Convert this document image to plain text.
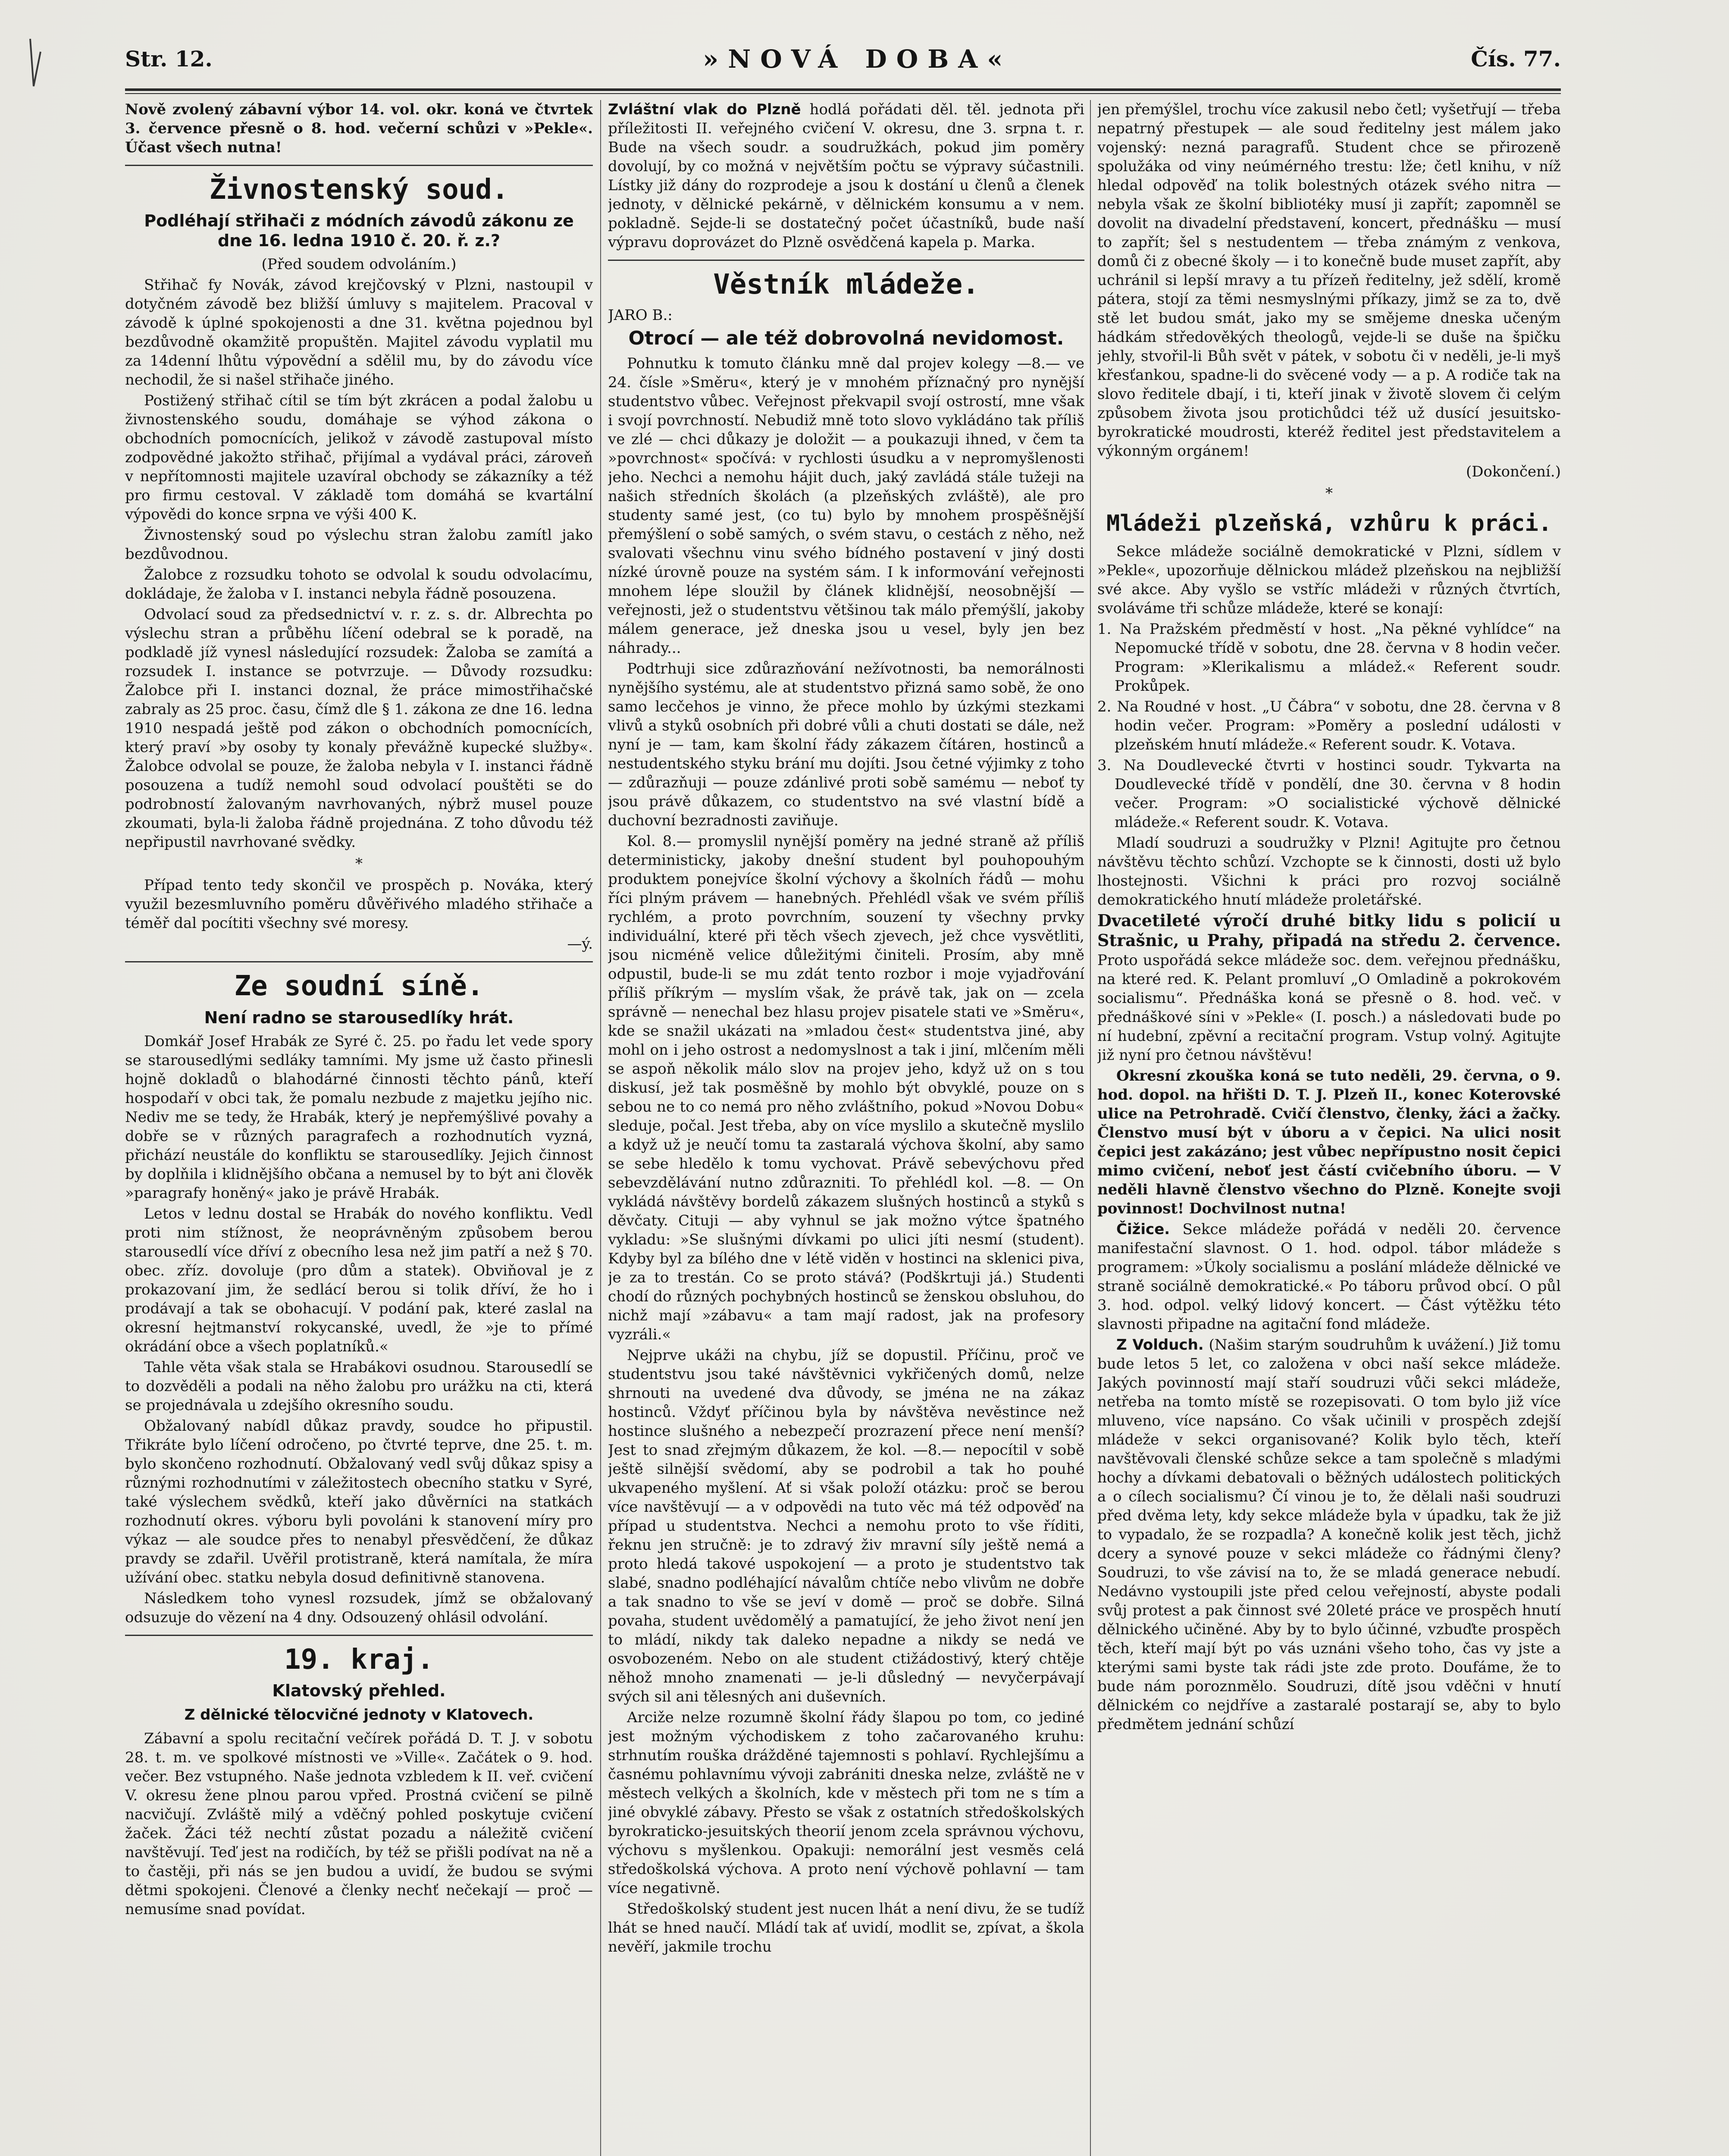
Str. 12.	»NOVÁ DOBA«	Čís. 77.

Nově zvolený zábavní výbor 14. vol. okr. koná ve čtvrtek 3. července přesně o 8. hod. večerní schůzi v »Pekle«. Účast všech nutna!

Živnostenský soud.
Podléhají střihači z módních závodů zákonu ze dne 16. ledna 1910 č. 20. ř. z.?

(Před soudem odvoláním.)

Střihač fy Novák, závod krejčovský v Plzni, nastoupil v dotyčném závodě bez bližší úmluvy s majitelem. Pracoval v závodě k úplné spokojenosti a dne 31. května pojednou byl bezdůvodně okamžitě propuštěn. Majitel závodu vyplatil mu za 14denní lhůtu výpovědní a sdělil mu, by do závodu více nechodil, že si našel střihače jiného.

Postižený střihač cítil se tím být zkrácen a podal žalobu u živnostenského soudu, domáhaje se výhod zákona o obchodních pomocnících, jelikož v závodě zastupoval místo zodpovědné jakožto střihač, přijímal a vydával práci, zároveň v nepřítomnosti majitele uzavíral obchody se zákazníky a též pro firmu cestoval. V základě tom domáhá se kvartální výpovědi do konce srpna ve výši 400 K.

Živnostenský soud po výslechu stran žalobu zamítl jako bezdůvodnou.

Žalobce z rozsudku tohoto se odvolal k soudu odvolacímu, dokládaje, že žaloba v I. instanci nebyla řádně posouzena.

Odvolací soud za předsednictví v. r. z. s. dr. Albrechta po výslechu stran a průběhu líčení odebral se k poradě, na podkladě jíž vynesl následující rozsudek: Žaloba se zamítá a rozsudek I. instance se potvrzuje. — Důvody rozsudku: Žalobce při I. instanci doznal, že práce mimostřihačské zabraly as 25 proc. času, čímž dle § 1. zákona ze dne 16. ledna 1910 nespadá ještě pod zákon o obchodních pomocnících, který praví »by osoby ty konaly převážně kupecké služby«. Žalobce odvolal se pouze, že žaloba nebyla v I. instanci řádně posouzena a tudíž nemohl soud odvolací pouštěti se do podrobností žalovaným navrhovaných, nýbrž musel pouze zkoumati, byla-li žaloba řádně projednána. Z toho důvodu též nepřipustil navrhované svědky.

*

Případ tento tedy skončil ve prospěch p. Nováka, který využil bezesmluvního poměru důvěřivého mladého střihače a téměř dal pocítiti všechny své moresy.

—ý.

Ze soudní síně.
Není radno se starousedlíky hrát.

Domkář Josef Hrabák ze Syré č. 25. po řadu let vede spory se starousedlými sedláky tamními. My jsme už často přinesli hojně dokladů o blahodárné činnosti těchto pánů, kteří hospodaří v obci tak, že pomalu nezbude z majetku jejího nic. Nediv me se tedy, že Hrabák, který je nepřemýšlivé povahy a dobře se v různých paragrafech a rozhodnutích vyzná, přichází neustále do konfliktu se starousedlíky. Jejich činnost by doplňila i klidnějšího občana a nemusel by to být ani člověk »paragrafy honěný« jako je právě Hrabák.

Letos v lednu dostal se Hrabák do nového konfliktu. Vedl proti nim stížnost, že neoprávněným způsobem berou starousedlí více dříví z obecního lesa než jim patří a než § 70. obec. zříz. dovoluje (pro dům a statek). Obviňoval je z prokazovaní jim, že sedlácí berou si tolik dříví, že ho i prodávají a tak se obohacují. V podání pak, které zaslal na okresní hejtmanství rokycanské, uvedl, že »je to přímé okrádání obce a všech poplatníků.«

Tahle věta však stala se Hrabákovi osudnou. Starousedlí se to dozvěděli a podali na něho žalobu pro urážku na cti, která se projednávala u zdejšího okresního soudu.

Obžalovaný nabídl důkaz pravdy, soudce ho připustil. Třikráte bylo líčení odročeno, po čtvrté teprve, dne 25. t. m. bylo skončeno rozhodnutí. Obžalovaný vedl svůj důkaz spisy a různými rozhodnutími v záležitostech obecního statku v Syré, také výslechem svědků, kteří jako důvěrníci na statkách rozhodnutí okres. výboru byli povoláni k stanovení míry pro výkaz — ale soudce přes to nenabyl přesvědčení, že důkaz pravdy se zdařil. Uvěřil protistraně, která namítala, že míra užívání obec. statku nebyla dosud definitivně stanovena.

Následkem toho vynesl rozsudek, jímž se obžalovaný odsuzuje do vězení na 4 dny. Odsouzený ohlásil odvolání.

19. kraj.
Klatovský přehled.
Z dělnické tělocvičné jednoty v Klatovech.

Zábavní a spolu recitační večírek pořádá D. T. J. v sobotu 28. t. m. ve spolkové místnosti ve »Ville«. Začátek o 9. hod. večer. Bez vstupného. Naše jednota vzbledem k II. veř. cvičení V. okresu žene plnou parou vpřed. Prostná cvičení se pilně nacvičují. Zvláště milý a vděčný pohled poskytuje cvičení žaček. Žáci též nechtí zůstat pozadu a náležitě cvičení navštěvují. Teď jest na rodičích, by též se přišli podívat na ně a to častěji, při nás se jen budou a uvidí, že budou se svými dětmi spokojeni. Členové a členky nechť nečekají — proč — nemusíme snad povídat.

Zvláštní vlak do Plzně hodlá pořádati děl. těl. jednota při příležitosti II. veřejného cvičení V. okresu, dne 3. srpna t. r. Bude na všech soudr. a soudružkách, pokud jim poměry dovolují, by co možná v největším počtu se výpravy súčastnili. Lístky již dány do rozprodeje a jsou k dostání u členů a členek jednoty, v dělnické pekárně, v dělnickém konsumu a v nem. pokladně. Sejde-li se dostatečný počet účastníků, bude naší výpravu doprovázet do Plzně osvědčená kapela p. Marka.

Věstník mládeže.

JARO B.:

Otrocí — ale též dobrovolná nevidomost.

Pohnutku k tomuto článku mně dal projev kolegy —8.— ve 24. čísle »Směru«, který je v mnohém příznačný pro nynější studentstvo vůbec. Veřejnost překvapil svojí ostrostí, mne však i svojí povrchností. Nebudiž mně toto slovo vykládáno tak příliš ve zlé — chci důkazy je doložit — a poukazuji ihned, v čem ta »povrchnost« spočívá: v rychlosti úsudku a v nepromyšlenosti jeho. Nechci a nemohu hájit duch, jaký zavládá stále tužeji na našich středních školách (a plzeňských zvláště), ale pro studenty samé jest, (co tu) bylo by mnohem prospěšnější přemýšlení o sobě samých, o svém stavu, o cestách z něho, než svalovati všechnu vinu svého bídného postavení v jiný dosti nízké úrovně pouze na systém sám. I k informování veřejnosti mnohem lépe sloužil by článek klidnější, neosobnější — veřejnosti, jež o studentstvu většinou tak málo přemýšlí, jakoby málem generace, jež dneska jsou u vesel, byly jen bez náhrady...

Podtrhuji sice zdůrazňování nežívotnosti, ba nemorálnosti nynějšího systému, ale at studentstvo přizná samo sobě, že ono samo lecčehos je vinno, že přece mohlo by úzkými stezkami vlivů a styků osobních při dobré vůli a chuti dostati se dále, než nyní je — tam, kam školní řády zákazem čítáren, hostinců a nestudentského styku brání mu dojíti. Jsou četné výjimky z toho — zdůrazňuji — pouze zdánlivé proti sobě samému — neboť ty jsou právě důkazem, co studentstvo na své vlastní bídě a duchovní bezradnosti zaviňuje.

Kol. 8.— promyslil nynější poměry na jedné straně až příliš deterministicky, jakoby dnešní student byl pouhopouhým produktem ponejvíce školní výchovy a školních řádů — mohu říci plným právem — hanebných. Přehlédl však ve svém příliš rychlém, a proto povrchním, souzení ty všechny prvky individuální, které při těch všech zjevech, jež chce vysvětliti, jsou nicméně velice důležitými činiteli. Prosím, aby mně odpustil, bude-li se mu zdát tento rozbor i moje vyjadřování příliš příkrým — myslím však, že právě tak, jak on — zcela správně — nenechal bez hlasu projev pisatele stati ve »Směru«, kde se snažil ukázati na »mladou čest« studentstva jiné, aby mohl on i jeho ostrost a nedomyslnost a tak i jiní, mlčením měli se aspoň několik málo slov na projev jeho, když už on s tou diskusí, jež tak posměšně by mohlo být obvyklé, pouze on s sebou ne to co nemá pro něho zvláštního, pokud »Novou Dobu« sleduje, počal. Jest třeba, aby on více myslilo a skutečně myslilo a když už je neučí tomu ta zastaralá výchova školní, aby samo se sebe hledělo k tomu vychovat. Právě sebevýchovu před sebevzdělávání nutno zdůrazniti. To přehlédl kol. —8. — On vykládá návštěvy bordelů zákazem slušných hostinců a styků s děvčaty. Cituji — aby vyhnul se jak možno výtce špatného vykladu: »Se slušnými dívkami po ulici jíti nesmí (student). Kdyby byl za bílého dne v létě viděn v hostinci na sklenici piva, je za to trestán. Co se proto stává? (Podškrtuji já.) Studenti chodí do různých pochybných hostinců se ženskou obsluhou, do nichž mají »zábavu« a tam mají radost, jak na profesory vyzráli.«

Nejprve ukáži na chybu, jíž se dopustil. Příčinu, proč ve studentstvu jsou také návštěvnici vykřičených domů, nelze shrnouti na uvedené dva důvody, se jména ne na zákaz hostinců. Vždyť příčinou byla by návštěva nevěstince než hostince slušného a nebezpečí prozrazení přece není menší? Jest to snad zřejmým důkazem, že kol. —8.— nepocítil v sobě ještě silnější svědomí, aby se podrobil a tak ho pouhé ukvapeného myšlení. Ať si však položí otázku: proč se berou více navštěvují — a v odpovědi na tuto věc má též odpověď na případ u studentstva. Nechci a nemohu proto to vše říditi, řeknu jen stručně: je to zdravý živ mravní síly ještě nemá a proto hledá takové uspokojení — a proto je studentstvo tak slabé, snadno podléhající návalům chtíče nebo vlivům ne dobře a tak snadno to vše se jeví v domě — proč se dobře. Silná povaha, student uvědomělý a pamatující, že jeho život není jen to mládí, nikdy tak daleko nepadne a nikdy se nedá ve osvobozeném. Nebo on ale student ctižádostivý, který chtěje něhož mnoho znamenati — je-li důsledný — nevyčerpávají svých sil ani tělesných ani duševních.

Arciže nelze rozumně školní řády šlapou po tom, co jediné jest možným východiskem z toho začarovaného kruhu: strhnutím rouška drážděné tajemnosti s pohlaví. Rychlejšímu a časnému pohlavnímu vývoji zabrániti dneska nelze, zvláště ne v městech velkých a školních, kde v městech při tom ne s tím a jiné obvyklé zábavy. Přesto se však z ostatních středoškolských byrokraticko-jesuitských theorií jenom zcela správnou výchovu, výchovu s myšlenkou. Opakuji: nemorální jest vesměs celá středoškolská výchova. A proto není výchově pohlavní — tam více negativně.

Středoškolský student jest nucen lhát a není divu, že se tudíž lhát se hned naučí. Mládí tak ať uvidí, modlit se, zpívat, a škola nevěří, jakmile trochu

jen přemýšlel, trochu více zakusil nebo četl; vyšetřují — třeba nepatrný přestupek — ale soud ředitelny jest málem jako vojenský: nezná paragrafů. Student chce se přirozeně spolužáka od viny neúmérného trestu: lže; četl knihu, v níž hledal odpověď na tolik bolestných otázek svého nitra — nebyla však ze školní bibliotéky musí ji zapřít; zapomněl se dovolit na divadelní představení, koncert, přednášku — musí to zapřít; šel s nestudentem — třeba známým z venkova, domů či z obecné školy — i to konečně bude muset zapřít, aby uchránil si lepší mravy a tu přízeň ředitelny, jež sdělí, kromě pátera, stojí za těmi nesmyslnými příkazy, jimž se za to, dvě stě let budou smát, jako my se smějeme dneska učeným hádkám středověkých theologů, vejde-li se duše na špičku jehly, stvořil-li Bůh svět v pátek, v sobotu či v neděli, je-li myš křesťankou, spadne-li do svěcené vody — a p. A rodiče tak na slovo ředitele dbají, i ti, kteří jinak v životě slovem či celým způsobem života jsou protichůdci též už dusící jesuitsko-byrokratické moudrosti, kteréž ředitel jest představitelem a výkonným orgánem!

(Dokončení.)

*
Mládeži plzeňská, vzhůru k práci.

Sekce mládeže sociálně demokratické v Plzni, sídlem v »Pekle«, upozorňuje dělnickou mládež plzeňskou na nejbližší své akce. Aby vyšlo se vstříc mládeži v různých čtvrtích, svoláváme tři schůze mládeže, které se konají:

1. Na Pražském předměstí v host. „Na pěkné vyhlídce“ na Nepomucké třídě v sobotu, dne 28. června v 8 hodin večer. Program: »Klerikalismu a mládež.« Referent soudr. Prokůpek.

2. Na Roudné v host. „U Čábra“ v sobotu, dne 28. června v 8 hodin večer. Program: »Poměry a poslední události v plzeňském hnutí mládeže.« Referent soudr. K. Votava.

3. Na Doudlevecké čtvrti v hostinci soudr. Tykvarta na Doudlevecké třídě v pondělí, dne 30. června v 8 hodin večer. Program: »O socialistické výchově dělnické mládeže.« Referent soudr. K. Votava.

Mladí soudruzi a soudružky v Plzni! Agitujte pro četnou návštěvu těchto schůzí. Vzchopte se k činnosti, dosti už bylo lhostejnosti. Všichni k práci pro rozvoj sociálně demokratického hnutí mládeže proletářské.

Dvacetileté výročí druhé bitky lidu s policií u Strašnic, u Prahy, připadá na středu 2. července. Proto uspořádá sekce mládeže soc. dem. veřejnou přednášku, na které red. K. Pelant promluví „O Omladině a pokrokovém socialismu“. Přednáška koná se přesně o 8. hod. več. v přednáškové síni v »Pekle« (I. posch.) a následovati bude po ní hudební, zpěvní a recitační program. Vstup volný. Agitujte již nyní pro četnou návštěvu!

Okresní zkouška koná se tuto neděli, 29. června, o 9. hod. dopol. na hřišti D. T. J. Plzeň II., konec Koterovské ulice na Petrohradě. Cvičí členstvo, členky, žáci a žačky. Členstvo musí být v úboru a v čepici. Na ulici nosit čepici jest zakázáno; jest vůbec nepřípustno nosit čepici mimo cvičení, neboť jest částí cvičebního úboru. — V neděli hlavně členstvo všechno do Plzně. Konejte svoji povinnost! Dochvilnost nutna!

Čižice. Sekce mládeže pořádá v neděli 20. července manifestační slavnost. O 1. hod. odpol. tábor mládeže s programem: »Úkoly socialismu a poslání mládeže dělnické ve straně sociálně demokratické.« Po táboru průvod obcí. O půl 3. hod. odpol. velký lidový koncert. — Část výtěžku této slavnosti připadne na agitační fond mládeže.

Z Volduch. (Našim starým soudruhům k uvážení.) Již tomu bude letos 5 let, co založena v obci naší sekce mládeže. Jakých povinností mají staří soudruzi vůči sekci mládeže, netřeba na tomto místě se rozepisovati. O tom bylo již více mluveno, více napsáno. Co však učinili v prospěch zdejší mládeže v sekci organisované? Kolik bylo těch, kteří navštěvovali členské schůze sekce a tam společně s mladými hochy a dívkami debatovali o běžných událostech politických a o cílech socialismu? Čí vinou je to, že dělali naši soudruzi před dvěma lety, kdy sekce mládeže byla v úpadku, tak že již to vypadalo, že se rozpadla? A konečně kolik jest těch, jichž dcery a synové pouze v sekci mládeže co řádnými členy? Soudruzi, to vše závisí na to, že se mladá generace nebudí. Nedávno vystoupili jste před celou veřejností, abyste podali svůj protest a pak činnost své 20leté práce ve prospěch hnutí dělnického učiněné. Aby by to bylo účinné, vzbuďte prospěch těch, kteří mají být po vás uznáni všeho toho, čas vy jste a kterými sami byste tak rádi jste zde proto. Doufáme, že to bude nám poroznmělo. Soudruzi, dítě jsou vděčni v hnutí dělnickém co nejdříve a zastaralé postarají se, aby to bylo předmětem jednání schůzí
